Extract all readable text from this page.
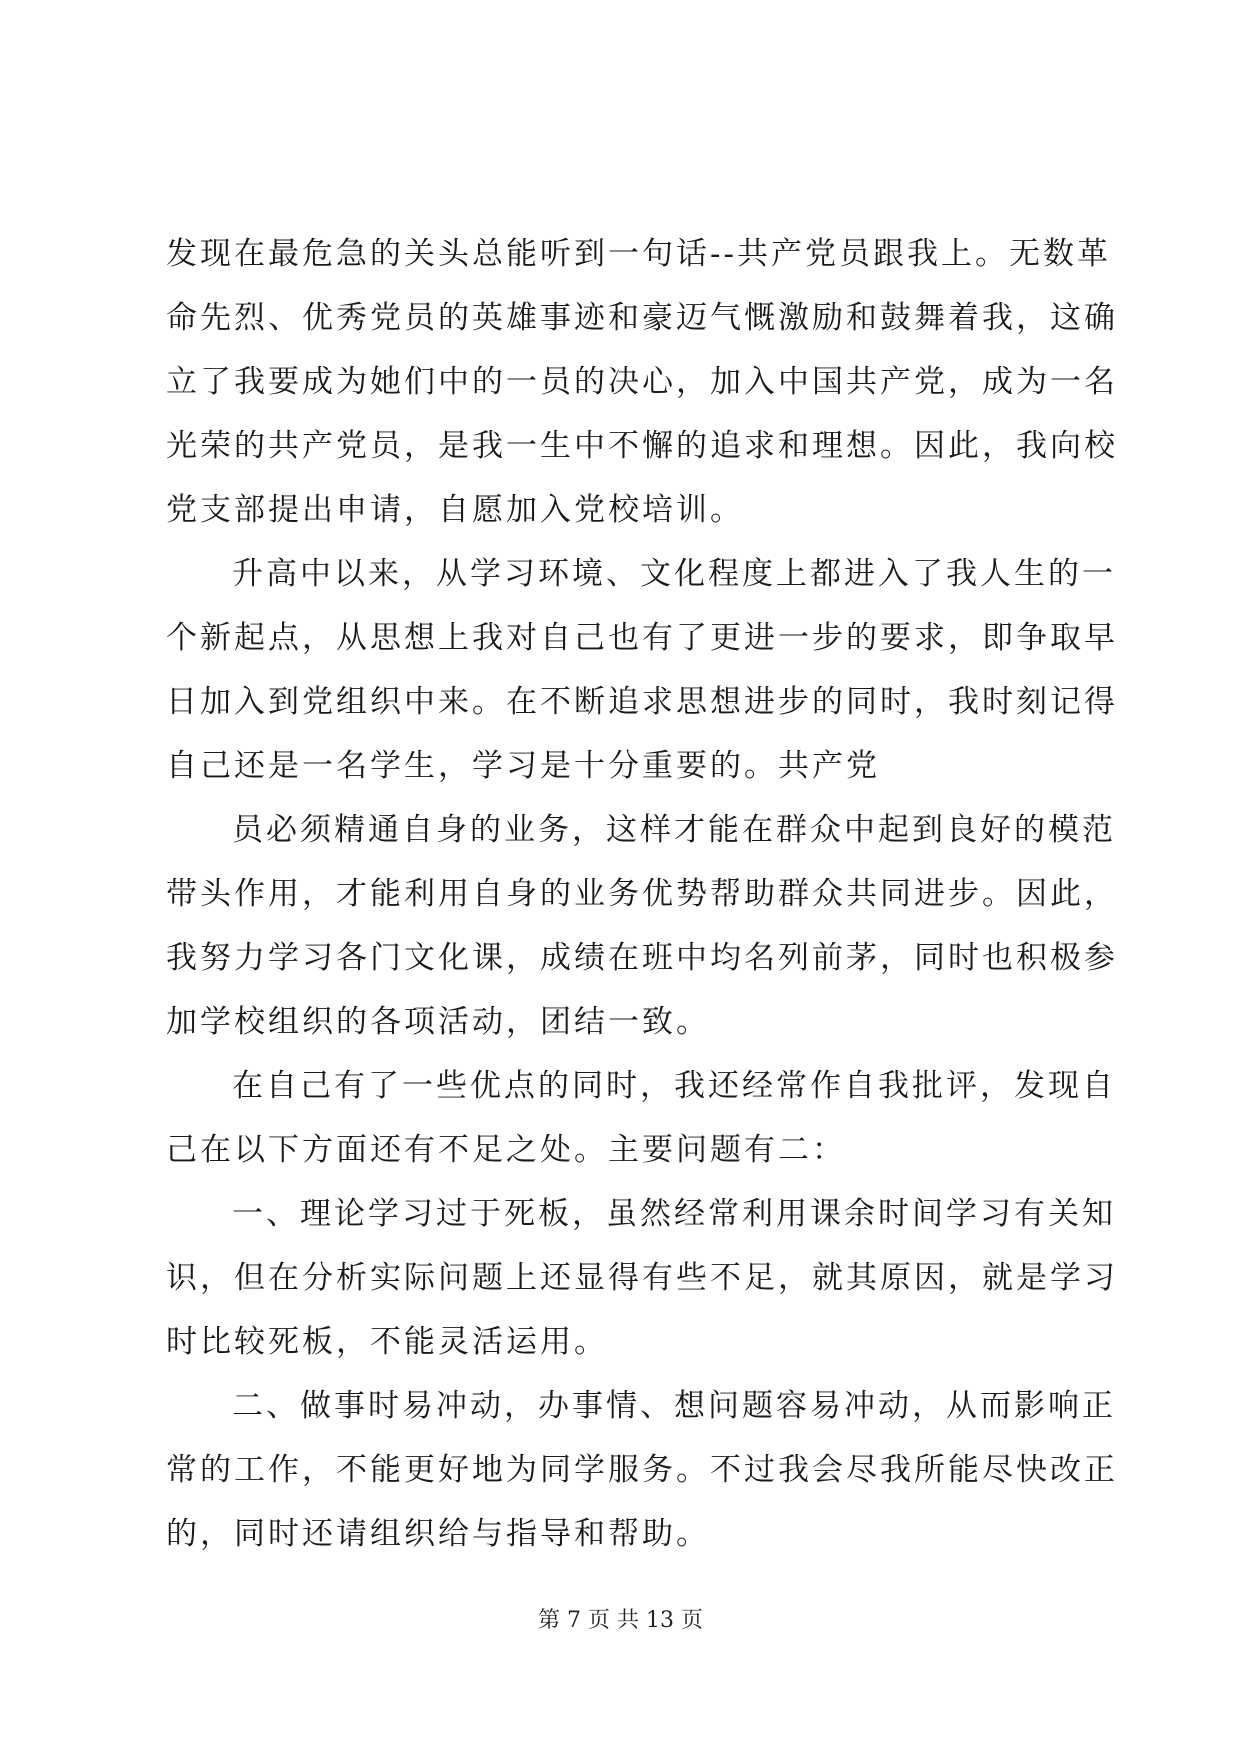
发现在最危急的关头总能听到一句话--共产党员跟我上。无数革
命先烈、优秀党员的英雄事迹和豪迈气慨激励和鼓舞着我，这确
立了我要成为她们中的一员的决心，加入中国共产党，成为一名
光荣的共产党员，是我一生中不懈的追求和理想。因此，我向校
党支部提出申请，自愿加入党校培训。
升高中以来，从学习环境、文化程度上都进入了我人生的一
个新起点，从思想上我对自己也有了更进一步的要求，即争取早
日加入到党组织中来。在不断追求思想进步的同时，我时刻记得
自己还是一名学生，学习是十分重要的。共产党
员必须精通自身的业务，这样才能在群众中起到良好的模范
带头作用，才能利用自身的业务优势帮助群众共同进步。因此，
我努力学习各门文化课，成绩在班中均名列前茅，同时也积极参
加学校组织的各项活动，团结一致。
在自己有了一些优点的同时，我还经常作自我批评，发现自
己在以下方面还有不足之处。主要问题有二：
一、理论学习过于死板，虽然经常利用课余时间学习有关知
识，但在分析实际问题上还显得有些不足，就其原因，就是学习
时比较死板，不能灵活运用。
二、做事时易冲动，办事情、想问题容易冲动，从而影响正
常的工作，不能更好地为同学服务。不过我会尽我所能尽快改正
的，同时还请组织给与指导和帮助。
第 7 页 共 13 页
